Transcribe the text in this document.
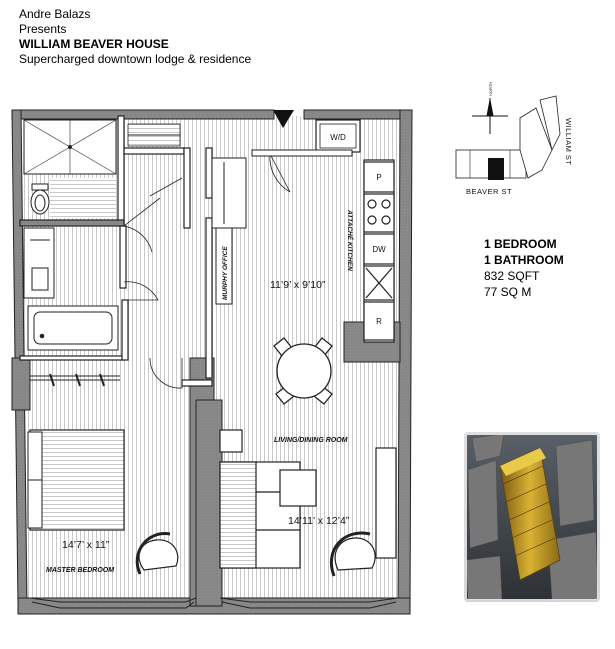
Andre Balazs
Presents
WILLIAM BEAVER HOUSE
Supercharged downtown lodge & residence
W/D
P
DW
R
ATTACHÉ KITCHEN
MURPHY OFFICE	11’9’ x 9’10”
LIVING/DINING ROOM
14’11’ x 12’4”
14’7’ x 11”
MASTER BEDROOM
NORTH
BEAVER ST
WILLIAM ST
1 BEDROOM
1 BATHROOM
832 SQFT
77 SQ M
